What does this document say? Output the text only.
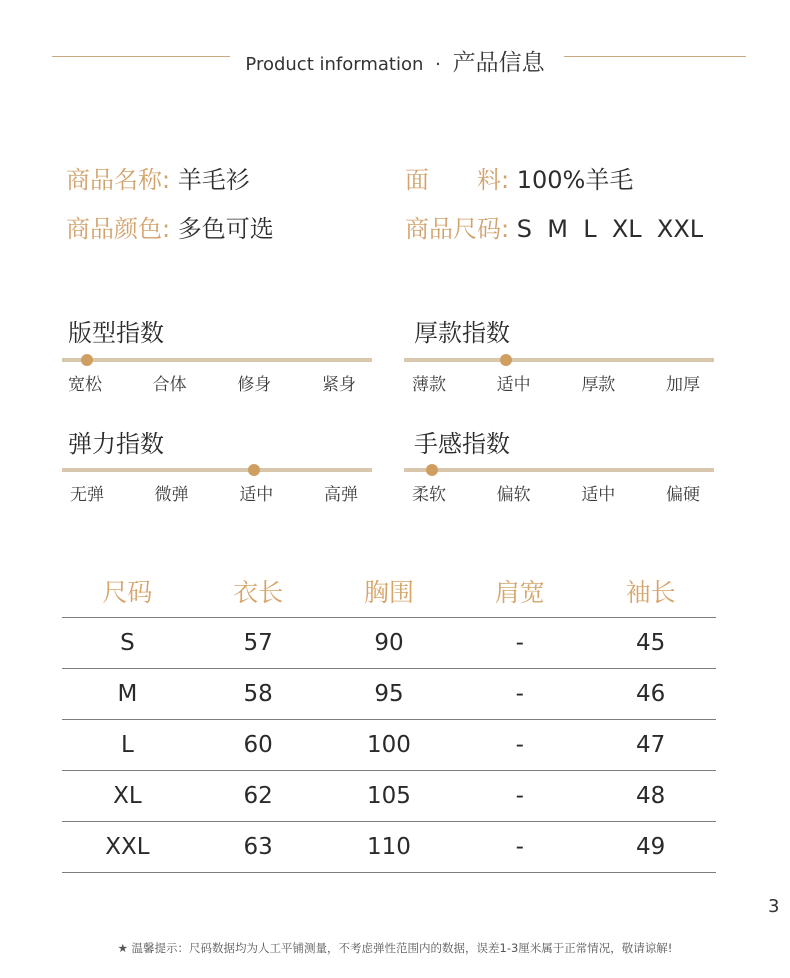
Product information · 产品信息
商品名称: 羊毛衫	面　　料: 100%羊毛
商品颜色: 多色可选	商品尺码: S  M  L  XL  XXL
版型指数
宽松	合体	修身	紧身
厚款指数
薄款	适中	厚款	加厚
弹力指数
无弹	微弹	适中	高弹
手感指数
柔软	偏软	适中	偏硬
尺码	衣长	胸围	肩宽	袖长
S	57	90	-	45
M	58	95	-	46
L	60	100	-	47
XL	62	105	-	48
XXL	63	110	-	49
3
★ 温馨提示：尺码数据均为人工平铺测量，不考虑弹性范围内的数据，误差1-3厘米属于正常情况，敬请谅解!
